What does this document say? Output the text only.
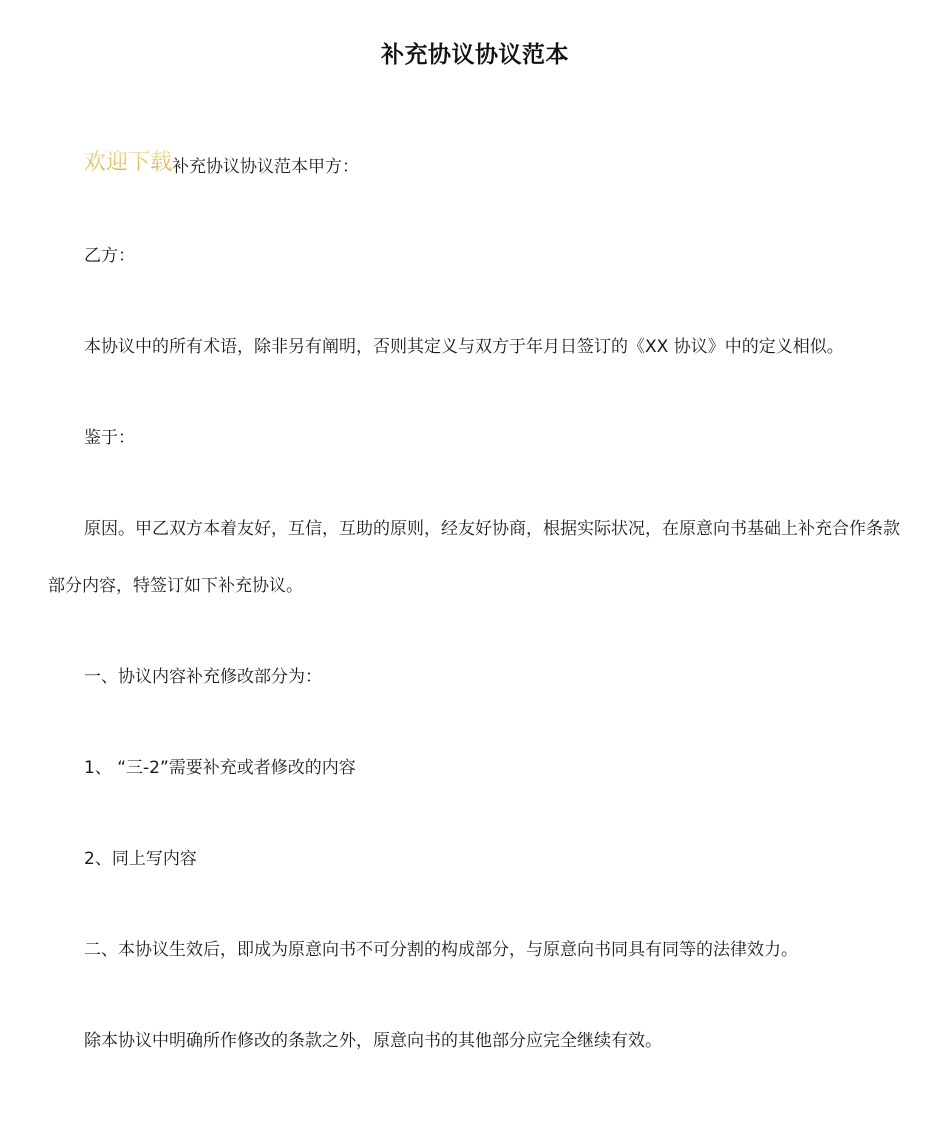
补充协议协议范本
欢迎下载补充协议协议范本甲方：
乙方：
本协议中的所有术语，除非另有阐明，否则其定义与双方于年月日签订的《XX 协议》中的定义相似。
鉴于：
原因。甲乙双方本着友好，互信，互助的原则，经友好协商，根据实际状况，在原意向书基础上补充合作条款部分内容，特签订如下补充协议。
一、协议内容补充修改部分为：
1、 “三-2”需要补充或者修改的内容
2、同上写内容
二、本协议生效后，即成为原意向书不可分割的构成部分，与原意向书同具有同等的法律效力。
除本协议中明确所作修改的条款之外，原意向书的其他部分应完全继续有效。
